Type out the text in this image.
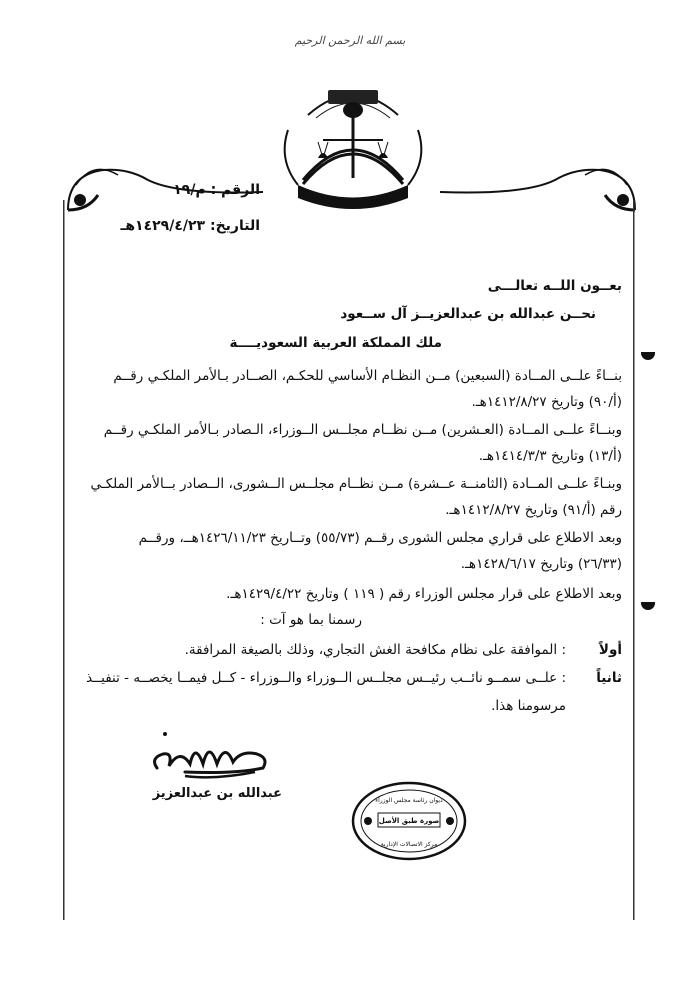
بسم الله الرحمن الرحيم
الرقم : م/١٩
التاريخ: ١٤٢٩/٤/٢٣هـ
بعــون اللــه تعالـــى
نحــن عبدالله بن عبدالعزيــز آل ســعود
ملك المملكة العربية السعوديــــة
بنــاءً علــى المــادة (السبعين) مــن النظـام الأساسي للحكـم، الصــادر بـالأمر الملكـي رقــم
(أ/٩٠) وتاريخ ١٤١٢/٨/٢٧هـ.
وبنــاءً علــى المــادة (العـشرين) مــن نظــام مجلــس الــوزراء، الـصادر بـالأمر الملكـي رقــم
(أ/١٣) وتاريخ ١٤١٤/٣/٣هـ.
وبنـاءً علــى المــادة (الثامنــة عــشرة) مــن نظــام مجلــس الــشورى، الــصادر بــالأمر الملكـي
رقم (أ/٩١) وتاريخ ١٤١٢/٨/٢٧هـ.
وبعد الاطلاع على قراري مجلس الشورى رقــم (٥٥/٧٣) وتــاريخ ١٤٢٦/١١/٢٣هــ، ورقــم
(٢٦/٣٣) وتاريخ ١٤٢٨/٦/١٧هـ.
وبعد الاطلاع على قرار مجلس الوزراء رقم ( ١١٩ ) وتاريخ ١٤٢٩/٤/٢٢هـ.
رسمنا بما هو آت :
أولاً
: الموافقة على نظام مكافحة الغش التجاري، وذلك بالصيغة المرافقة.
ثانياً
: علــى سمــو نائــب رئيــس مجلــس الــوزراء والــوزراء - كــل فيمــا يخصــه - تنفيــذ
مرسومنا هذا.
عبدالله بن عبدالعزيز	ديوان رئاسة مجلس الوزراء
صورة طبق الأصل
مركز الاتصالات الإدارية
